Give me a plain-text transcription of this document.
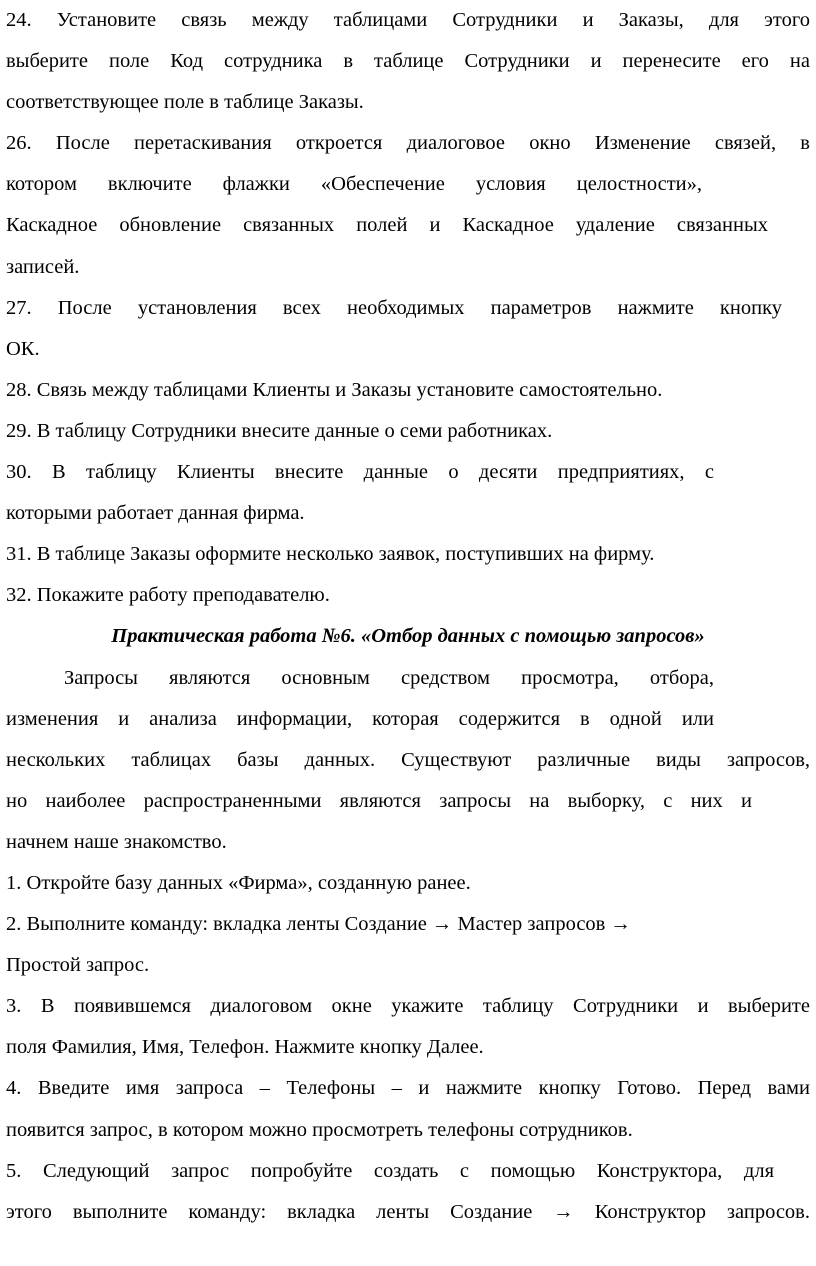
24. Установите связь между таблицами Сотрудники и Заказы, для этого
выберите поле Код сотрудника в таблице Сотрудники и перенесите его на
соответствующее поле в таблице Заказы.
26. После перетаскивания откроется диалоговое окно Изменение связей, в
котором включите флажки «Обеспечение условия целостности»,
Каскадное обновление связанных полей и Каскадное удаление связанных
записей.
27. После установления всех необходимых параметров нажмите кнопку
ОК.
28. Связь между таблицами Клиенты и Заказы установите самостоятельно.
29. В таблицу Сотрудники внесите данные о семи работниках.
30. В таблицу Клиенты внесите данные о десяти предприятиях, с
которыми работает данная фирма.
31. В таблице Заказы оформите несколько заявок, поступивших на фирму.
32. Покажите работу преподавателю.
Практическая работа №6. «Отбор данных с помощью запросов»
Запросы являются основным средством просмотра, отбора,
изменения и анализа информации, которая содержится в одной или
нескольких таблицах базы данных. Существуют различные виды запросов,
но наиболее распространенными являются запросы на выборку, с них и
начнем наше знакомство.
1. Откройте базу данных «Фирма», созданную ранее.
2. Выполните команду: вкладка ленты Создание → Мастер запросов →
Простой запрос.
3. В появившемся диалоговом окне укажите таблицу Сотрудники и выберите
поля Фамилия, Имя, Телефон. Нажмите кнопку Далее.
4. Введите имя запроса – Телефоны – и нажмите кнопку Готово. Перед вами
появится запрос, в котором можно просмотреть телефоны сотрудников.
5. Следующий запрос попробуйте создать с помощью Конструктора, для
этого выполните команду: вкладка ленты Создание → Конструктор запросов.
